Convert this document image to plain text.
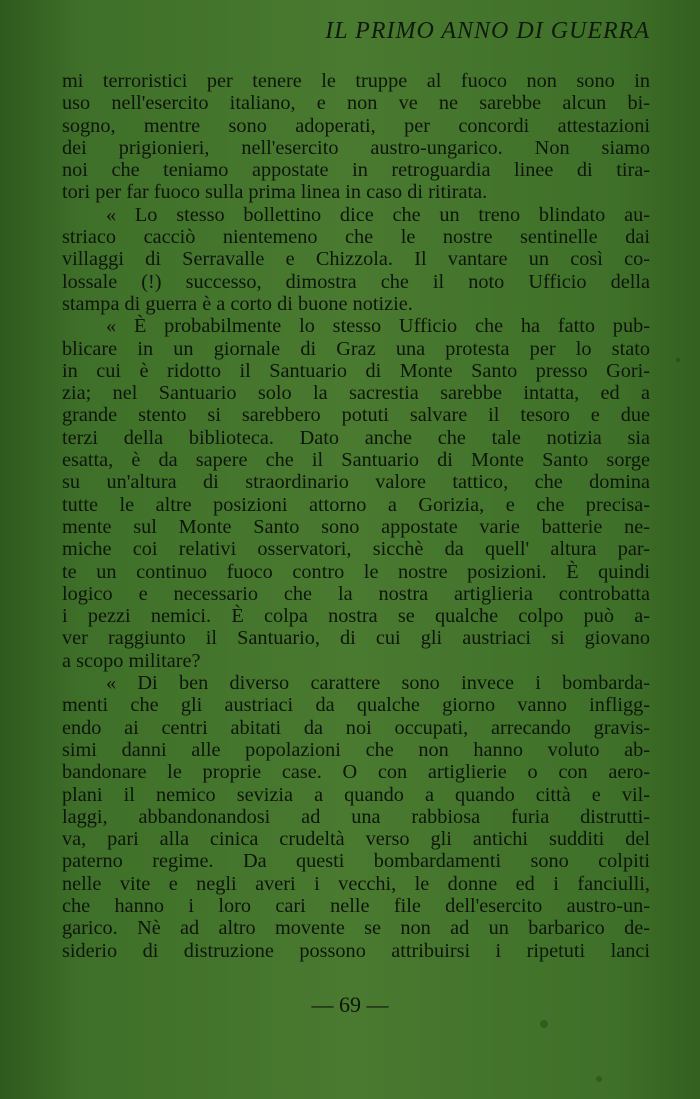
IL PRIMO ANNO DI GUERRA
mi terroristici per tenere le truppe al fuoco non sono in
uso nell'esercito italiano, e non ve ne sarebbe alcun bi-
sogno, mentre sono adoperati, per concordi attestazioni
dei prigionieri, nell'esercito austro-ungarico. Non siamo
noi che teniamo appostate in retroguardia linee di tira-
tori per far fuoco sulla prima linea in caso di ritirata.
« Lo stesso bollettino dice che un treno blindato au-
striaco cacciò nientemeno che le nostre sentinelle dai
villaggi di Serravalle e Chizzola. Il vantare un così co-
lossale (!) successo, dimostra che il noto Ufficio della
stampa di guerra è a corto di buone notizie.
« È probabilmente lo stesso Ufficio che ha fatto pub-
blicare in un giornale di Graz una protesta per lo stato
in cui è ridotto il Santuario di Monte Santo presso Gori-
zia; nel Santuario solo la sacrestia sarebbe intatta, ed a
grande stento si sarebbero potuti salvare il tesoro e due
terzi della biblioteca. Dato anche che tale notizia sia
esatta, è da sapere che il Santuario di Monte Santo sorge
su un'altura di straordinario valore tattico, che domina
tutte le altre posizioni attorno a Gorizia, e che precisa-
mente sul Monte Santo sono appostate varie batterie ne-
miche coi relativi osservatori, sicchè da quell' altura par-
te un continuo fuoco contro le nostre posizioni. È quindi
logico e necessario che la nostra artiglieria controbatta
i pezzi nemici. È colpa nostra se qualche colpo può a-
ver raggiunto il Santuario, di cui gli austriaci si giovano
a scopo militare?
« Di ben diverso carattere sono invece i bombarda-
menti che gli austriaci da qualche giorno vanno infligg-
endo ai centri abitati da noi occupati, arrecando gravis-
simi danni alle popolazioni che non hanno voluto ab-
bandonare le proprie case. O con artiglierie o con aero-
plani il nemico sevizia a quando a quando città e vil-
laggi, abbandonandosi ad una rabbiosa furia distrutti-
va, pari alla cinica crudeltà verso gli antichi sudditi del
paterno regime. Da questi bombardamenti sono colpiti
nelle vite e negli averi i vecchi, le donne ed i fanciulli,
che hanno i loro cari nelle file dell'esercito austro-un-
garico. Nè ad altro movente se non ad un barbarico de-
siderio di distruzione possono attribuirsi i ripetuti lanci
— 69 —
